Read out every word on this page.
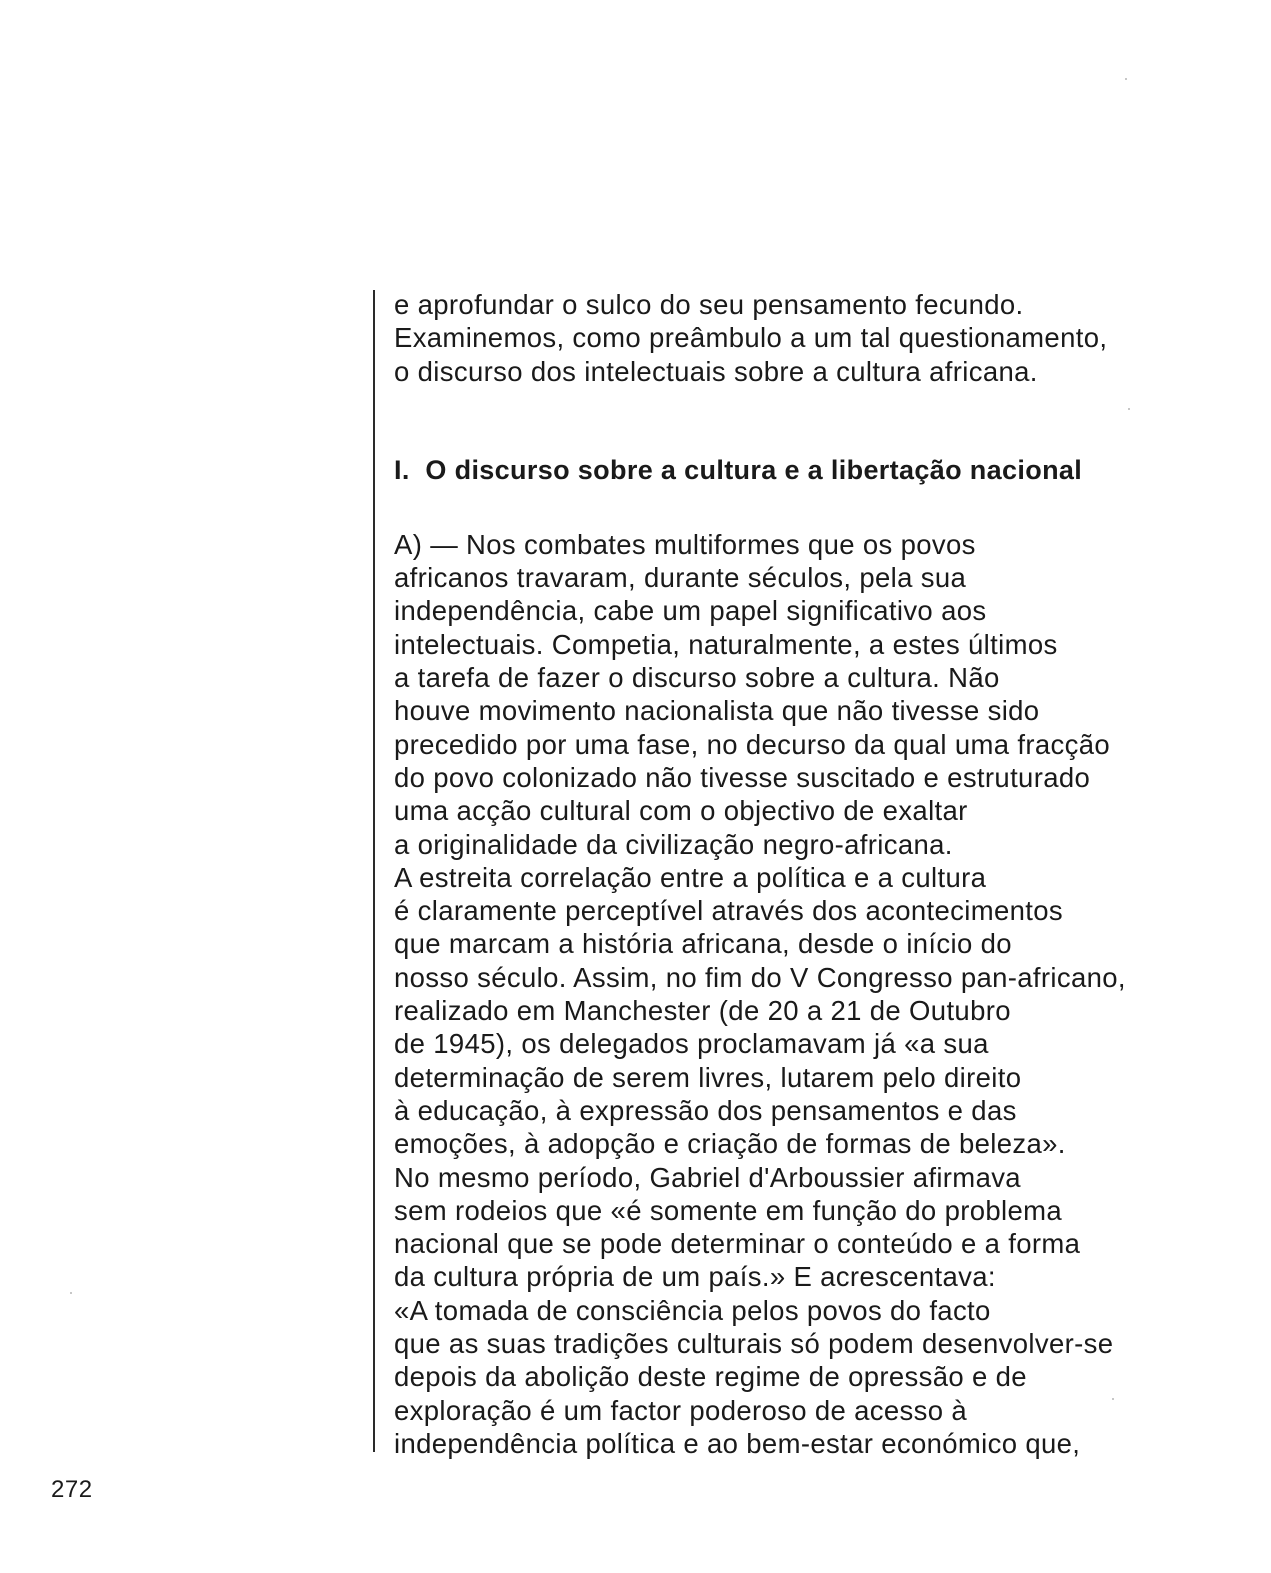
e aprofundar o sulco do seu pensamento fecundo.
Examinemos, como preâmbulo a um tal questionamento,
o discurso dos intelectuais sobre a cultura africana.
I.  O discurso sobre a cultura e a libertação nacional
A) — Nos combates multiformes que os povos
africanos travaram, durante séculos, pela sua
independência, cabe um papel significativo aos
intelectuais. Competia, naturalmente, a estes últimos
a tarefa de fazer o discurso sobre a cultura. Não
houve movimento nacionalista que não tivesse sido
precedido por uma fase, no decurso da qual uma fracção
do povo colonizado não tivesse suscitado e estruturado
uma acção cultural com o objectivo de exaltar
a originalidade da civilização negro-africana.
A estreita correlação entre a política e a cultura
é claramente perceptível através dos acontecimentos
que marcam a história africana, desde o início do
nosso século. Assim, no fim do V Congresso pan-africano,
realizado em Manchester (de 20 a 21 de Outubro
de 1945), os delegados proclamavam já «a sua
determinação de serem livres, lutarem pelo direito
à educação, à expressão dos pensamentos e das
emoções, à adopção e criação de formas de beleza».
No mesmo período, Gabriel d'Arboussier afirmava
sem rodeios que «é somente em função do problema
nacional que se pode determinar o conteúdo e a forma
da cultura própria de um país.» E acrescentava:
«A tomada de consciência pelos povos do facto
que as suas tradições culturais só podem desenvolver-se
depois da abolição deste regime de opressão e de
exploração é um factor poderoso de acesso à
independência política e ao bem-estar económico que,
272
